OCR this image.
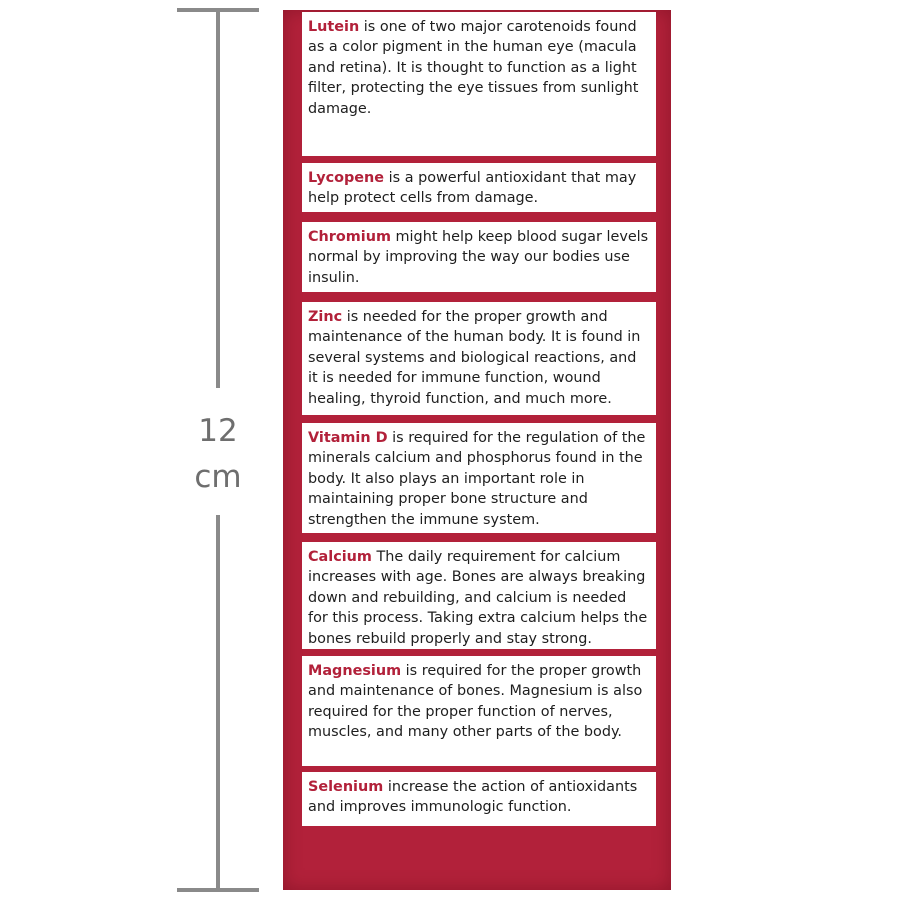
12
cm
Lutein is one of two major carotenoids found as a color pigment in the human eye (macula and retina). It is thought to function as a light filter, protecting the eye tissues from sunlight damage.
Lycopene is a powerful antioxidant that may help protect cells from damage.
Chromium might help keep blood sugar levels normal by improving the way our bodies use insulin.
Zinc is needed for the proper growth and maintenance of the human body. It is found in several systems and biological reactions, and it is needed for immune function, wound healing, thyroid function, and much more.
Vitamin D is required for the regulation of the minerals calcium and phosphorus found in the body. It also plays an important role in maintaining proper bone structure and strengthen the immune system.
Calcium The daily requirement for calcium increases with age. Bones are always breaking down and rebuilding, and calcium is needed for this process. Taking extra calcium helps the bones rebuild properly and stay strong.
Magnesium is required for the proper growth and maintenance of bones. Magnesium is also required for the proper function of nerves, muscles, and many other parts of the body.
Selenium increase the action of antioxidants and improves immunologic function.
